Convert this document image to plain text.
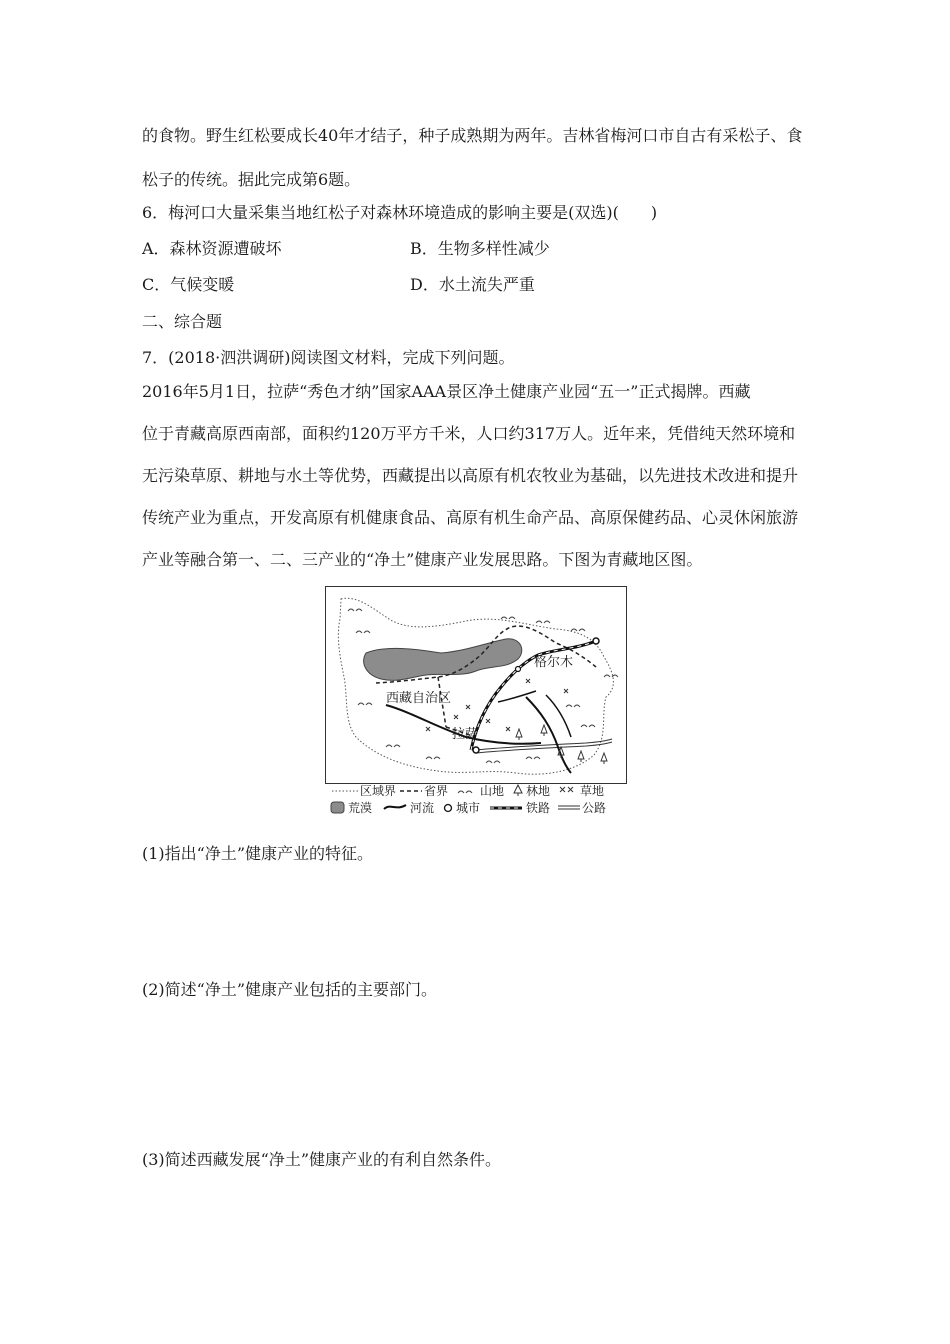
的食物。野生红松要成长40年才结子，种子成熟期为两年。吉林省梅河口市自古有采松子、食
松子的传统。据此完成第6题。
6．梅河口大量采集当地红松子对森林环境造成的影响主要是(双选)(　　)
A．森林资源遭破坏	B．生物多样性减少
C．气候变暖	D．水土流失严重
二、综合题
7．(2018·泗洪调研)阅读图文材料，完成下列问题。
2016年5月1日，拉萨“秀色才纳”国家AAA景区净土健康产业园“五一”正式揭牌。西藏
位于青藏高原西南部，面积约120万平方千米，人口约317万人。近年来，凭借纯天然环境和
无污染草原、耕地与水土等优势，西藏提出以高原有机农牧业为基础，以先进技术改进和提升
传统产业为重点，开发高原有机健康食品、高原有机生命产品、高原保健药品、心灵休闲旅游
产业等融合第一、二、三产业的“净土”健康产业发展思路。下图为青藏地区图。
格尔木
西藏自治区
拉萨
区域界 省界	山地 林地 草地
荒漠	河流 城市	铁路	公路
(1)指出“净土”健康产业的特征。
(2)简述“净土”健康产业包括的主要部门。
(3)简述西藏发展“净土”健康产业的有利自然条件。
